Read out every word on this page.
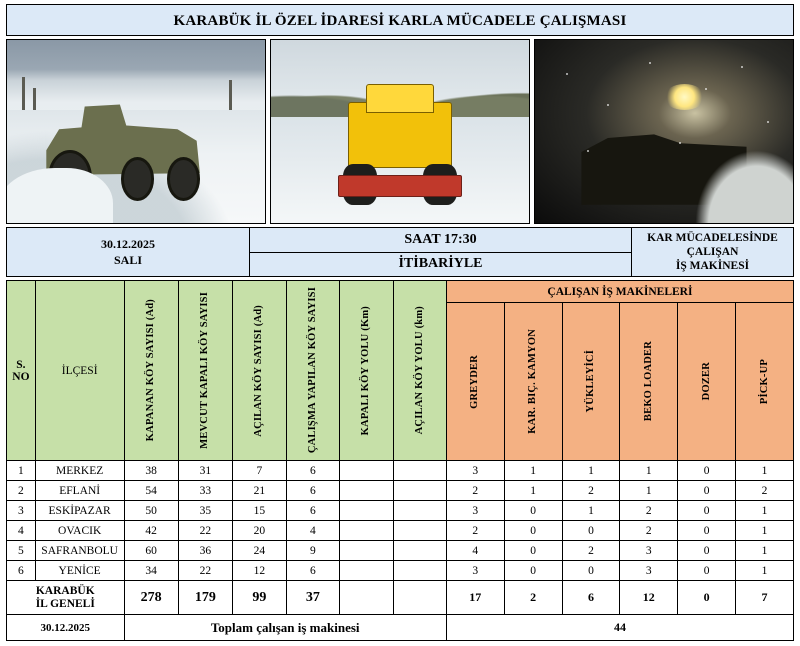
KARABÜK İL ÖZEL İDARESİ KARLA MÜCADELE ÇALIŞMASI
30.12.2025
SALI
	SAAT 17:30	KAR MÜCADELESİNDE
ÇALIŞAN
İŞ MAKİNESİ

İTİBARİYLE
S.
NO	İLÇESİ	KAPANAN KÖY SAYISI (Ad)	MEVCUT KAPALI KÖY SAYISI	AÇILAN KÖY SAYISI (Ad)	ÇALIŞMA YAPILAN KÖY SAYISI	KAPALI KÖY YOLU (Km)	AÇILAN KÖY YOLU (km)	ÇALIŞAN İŞ MAKİNELERİ					

								GREYDER	KAR. BIÇ. KAMYON	YÜKLEYİCİ	BEKO LOADER	DOZER	PİCK-UP

1	MERKEZ	38	31	7	6			3	1	1	1	0	1
2	EFLANİ	54	33	21	6			2	1	2	1	0	2
3	ESKİPAZAR	50	35	15	6			3	0	1	2	0	1
4	OVACIK	42	22	20	4			2	0	0	2	0	1
5	SAFRANBOLU	60	36	24	9			4	0	2	3	0	1
6	YENİCE	34	22	12	6			3	0	0	3	0	1

KARABÜK
İL GENELİ		278	179	99	37			17	2	6	12	0	7
30.12.2025		Toplam çalışan iş makinesi						44					
